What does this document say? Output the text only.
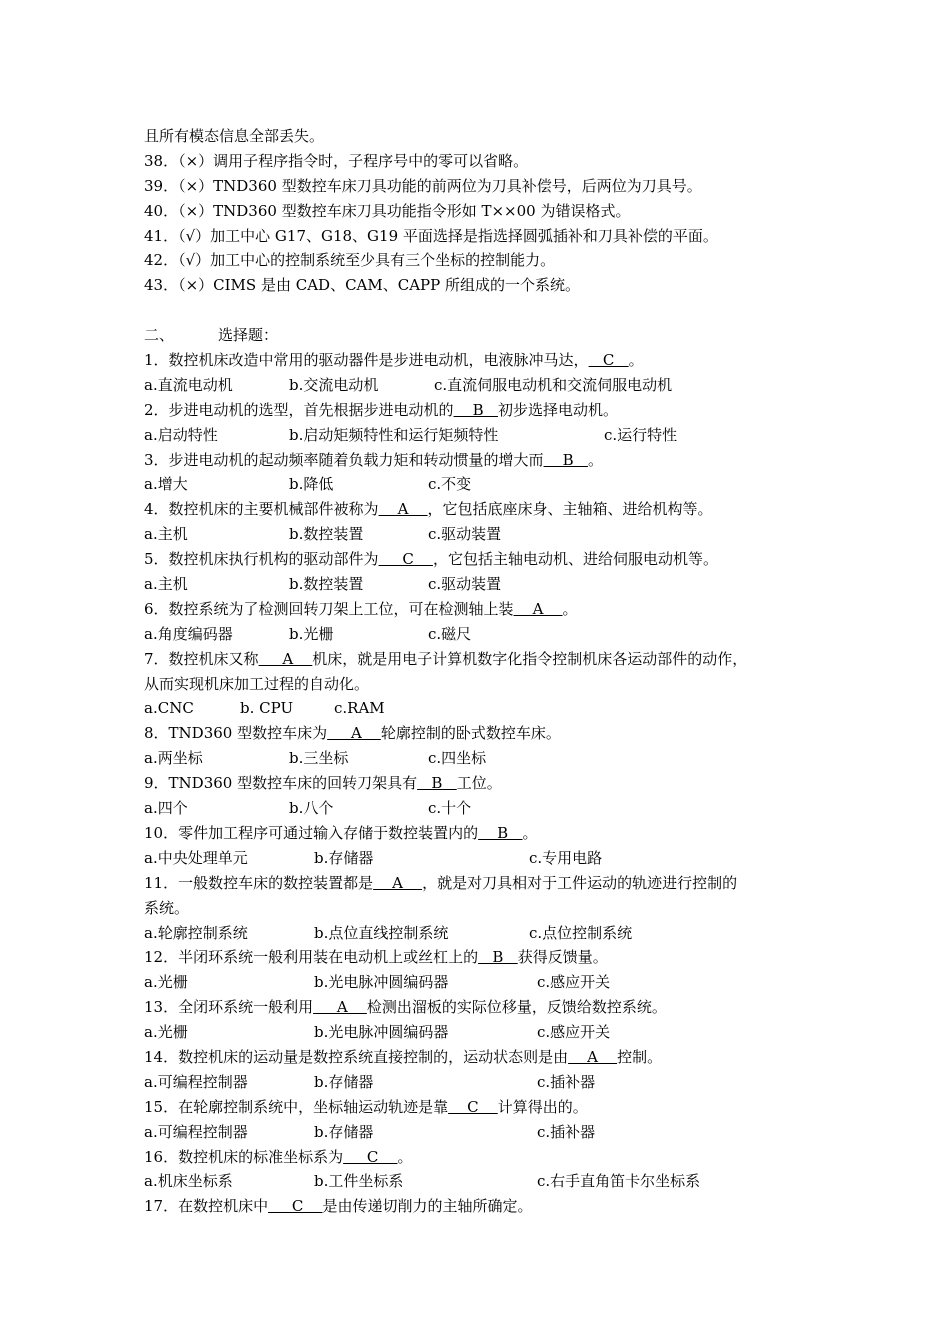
且所有模态信息全部丢失。
38．（×）调用子程序指令时，子程序号中的零可以省略。
39．（×）TND360 型数控车床刀具功能的前两位为刀具补偿号，后两位为刀具号。
40．（×）TND360 型数控车床刀具功能指令形如 T××00 为错误格式。
41．（√）加工中心 G17、G18、G19 平面选择是指选择圆弧插补和刀具补偿的平面。
42．（√）加工中心的控制系统至少具有三个坐标的控制能力。
43．（×）CIMS 是由 CAD、CAM、CAPP 所组成的一个系统。
二、	选择题：
1．数控机床改造中常用的驱动器件是步进电动机，电液脉冲马达，   C   。
a.直流电动机	b.交流电动机	c.直流伺服电动机和交流伺服电动机
2．步进电动机的选型，首先根据步进电动机的    B   初步选择电动机。
a.启动特性	b.启动矩频特性和运行矩频特性	c.运行特性
3．步进电动机的起动频率随着负载力矩和转动惯量的增大而    B   。
a.增大	b.降低	c.不变
4．数控机床的主要机械部件被称为    A    ，它包括底座床身、主轴箱、进给机构等。
a.主机	b.数控装置	c.驱动装置
5．数控机床执行机构的驱动部件为     C    ，它包括主轴电动机、进给伺服电动机等。
a.主机	b.数控装置	c.驱动装置
6．数控系统为了检测回转刀架上工位，可在检测轴上装    A    。
a.角度编码器	b.光栅	c.磁尺
7．数控机床又称     A    机床，就是用电子计算机数字化指令控制机床各运动部件的动作，
从而实现机床加工过程的自动化。
a.CNC	b. CPU	c.RAM
8．TND360 型数控车床为     A    轮廓控制的卧式数控车床。
a.两坐标	b.三坐标	c.四坐标
9．TND360 型数控车床的回转刀架具有   B   工位。
a.四个	b.八个	c.十个
10．零件加工程序可通过输入存储于数控装置内的    B   。
a.中央处理单元	b.存储器	c.专用电路
11．一般数控车床的数控装置都是    A    ，就是对刀具相对于工件运动的轨迹进行控制的
系统。
a.轮廓控制系统	b.点位直线控制系统	c.点位控制系统
12．半闭环系统一般利用装在电动机上或丝杠上的   B   获得反馈量。
a.光栅	b.光电脉冲圆编码器	c.感应开关
13．全闭环系统一般利用     A    检测出溜板的实际位移量，反馈给数控系统。
a.光栅	b.光电脉冲圆编码器	c.感应开关
14．数控机床的运动量是数控系统直接控制的，运动状态则是由    A    控制。
a.可编程控制器	b.存储器	c.插补器
15．在轮廓控制系统中，坐标轴运动轨迹是靠    C    计算得出的。
a.可编程控制器	b.存储器	c.插补器
16．数控机床的标准坐标系为     C    。
a.机床坐标系	b.工件坐标系	c.右手直角笛卡尔坐标系
17．在数控机床中     C    是由传递切削力的主轴所确定。
